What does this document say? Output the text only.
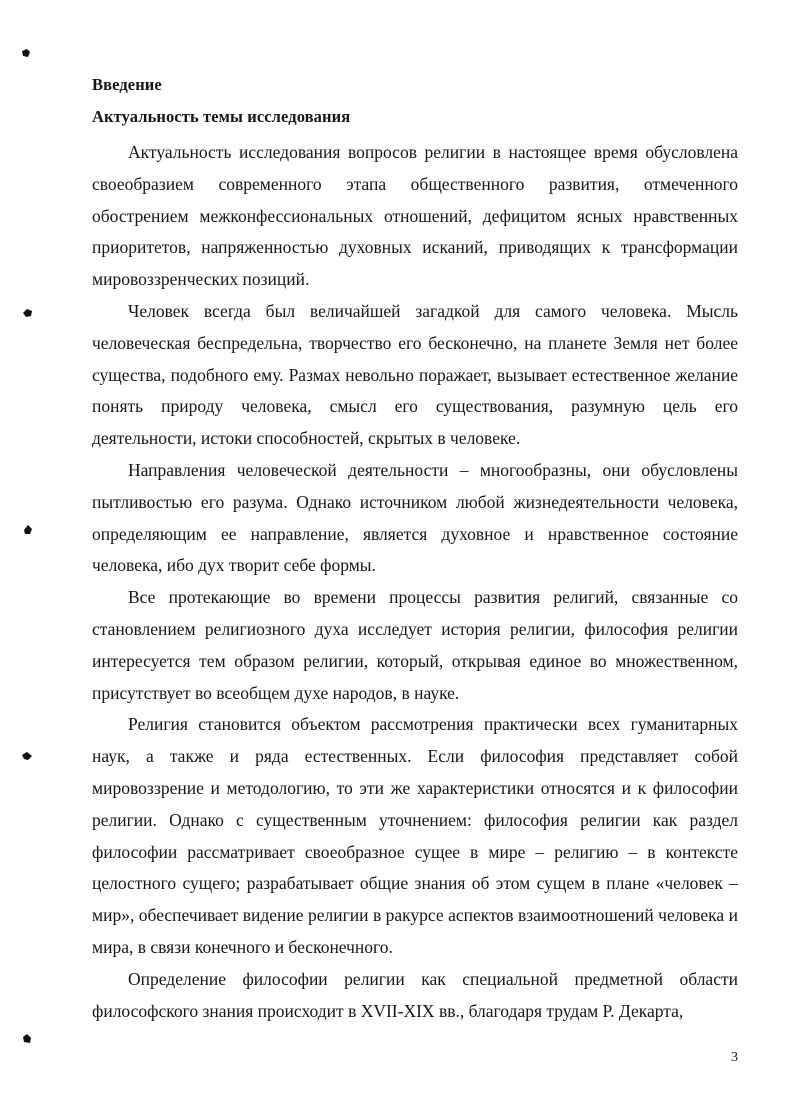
Введение
Актуальность темы исследования

Актуальность исследования вопросов религии в настоящее время обусловлена своеобразием современного этапа общественного развития, отмеченного обострением межконфессиональных отношений, дефицитом ясных нравственных приоритетов, напряженностью духовных исканий, приводящих к трансформации мировоззренческих позиций.

Человек всегда был величайшей загадкой для самого человека. Мысль человеческая беспредельна, творчество его бесконечно, на планете Земля нет более существа, подобного ему. Размах невольно поражает, вызывает естественное желание понять природу человека, смысл его существования, разумную цель его деятельности, истоки способностей, скрытых в человеке.

Направления человеческой деятельности – многообразны, они обусловлены пытливостью его разума. Однако источником любой жизнедеятельности человека, определяющим ее направление, является духовное и нравственное состояние человека, ибо дух творит себе формы.

Все протекающие во времени процессы развития религий, связанные со становлением религиозного духа исследует история религии, философия религии интересуется тем образом религии, который, открывая единое во множественном, присутствует во всеобщем духе народов, в науке.

Религия становится объектом рассмотрения практически всех гуманитарных наук, а также и ряда естественных. Если философия представляет собой мировоззрение и методологию, то эти же характеристики относятся и к философии религии. Однако с существенным уточнением: философия религии как раздел философии рассматривает своеобразное сущее в мире – религию – в контексте целостного сущего; разрабатывает общие знания об этом сущем в плане «человек – мир», обеспечивает видение религии в ракурсе аспектов взаимоотношений человека и мира, в связи конечного и бесконечного.

Определение философии религии как специальной предметной области философского знания происходит в XVII-XIX вв., благодаря трудам Р. Декарта,

3
